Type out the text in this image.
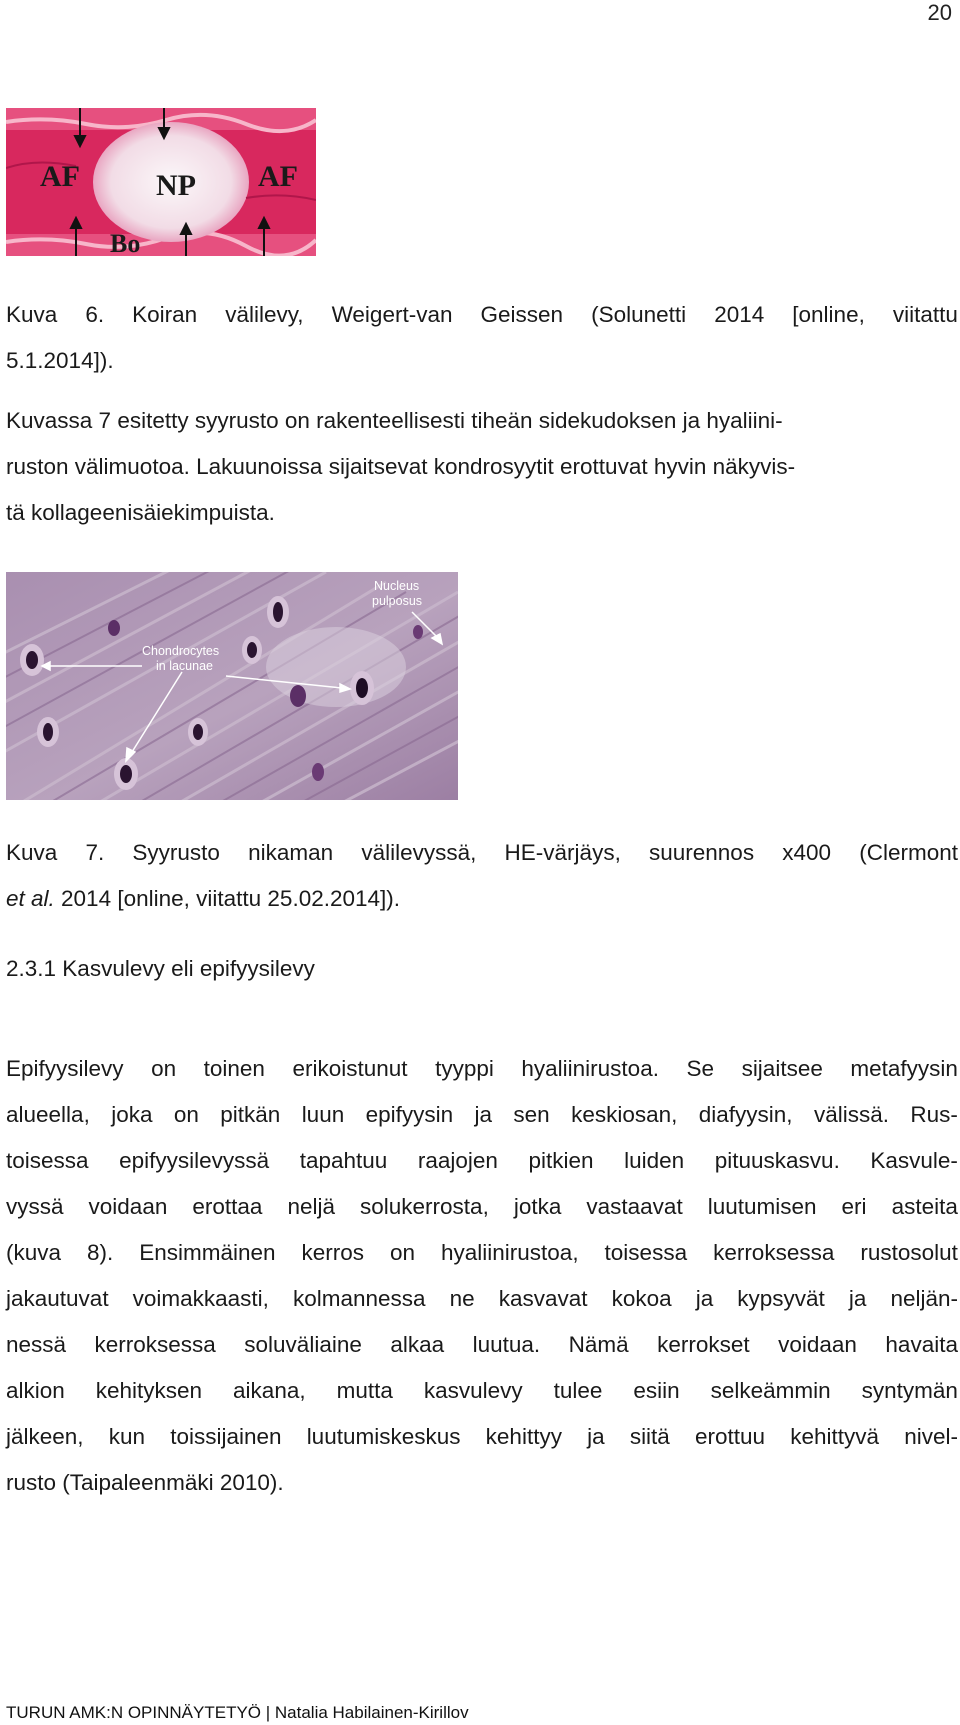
20
AF	NP AF
Bo
Kuva 6. Koiran välilevy, Weigert-van Geissen (Solunetti 2014 [online, viitattu
5.1.2014]).
Kuvassa 7 esitetty syyrusto on rakenteellisesti tiheän sidekudoksen ja hyaliini-
ruston välimuotoa. Lakuunoissa sijaitsevat kondrosyytit erottuvat hyvin näkyvis-
tä kollageenisäiekimpuista.
Nucleus
pulposus
Chondrocytes
in lacunae
Kuva 7. Syyrusto nikaman välilevyssä, HE-värjäys, suurennos x400 (Clermont
et al. 2014 [online, viitattu 25.02.2014]).
2.3.1 Kasvulevy eli epifyysilevy
Epifyysilevy on toinen erikoistunut tyyppi hyaliinirustoa. Se sijaitsee metafyysin
alueella, joka on pitkän luun epifyysin ja sen keskiosan, diafyysin, välissä. Rus-
toisessa epifyysilevyssä tapahtuu raajojen pitkien luiden pituuskasvu. Kasvule-
vyssä voidaan erottaa neljä solukerrosta, jotka vastaavat luutumisen eri asteita
(kuva 8). Ensimmäinen kerros on hyaliinirustoa, toisessa kerroksessa rustosolut
jakautuvat voimakkaasti, kolmannessa ne kasvavat kokoa ja kypsyvät ja neljän-
nessä kerroksessa soluväliaine alkaa luutua. Nämä kerrokset voidaan havaita
alkion kehityksen aikana, mutta kasvulevy tulee esiin selkeämmin syntymän
jälkeen, kun toissijainen luutumiskeskus kehittyy ja siitä erottuu kehittyvä nivel-
rusto (Taipaleenmäki 2010).
TURUN AMK:N OPINNÄYTETYÖ | Natalia Habilainen-Kirillov
